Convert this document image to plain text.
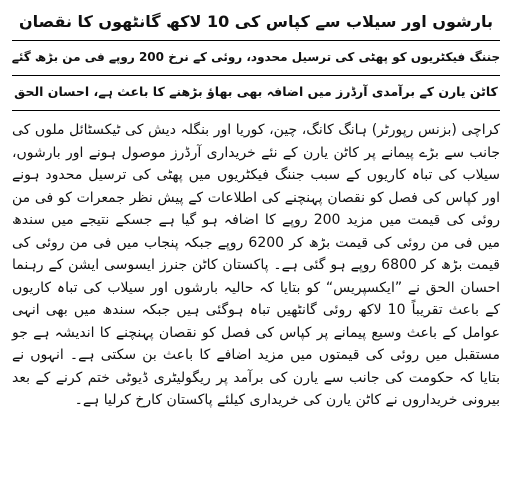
بارشوں اور سیلاب سے کپاس کی 10 لاکھ گانٹھوں کا نقصان
جننگ فیکٹریوں کو پھٹی کی ترسیل محدود، روئی کے نرخ 200 روپے فی من بڑھ گئے
کاٹن یارن کے برآمدی آرڈرز میں اضافہ بھی بھاؤ بڑھنے کا باعث ہے، احسان الحق

کراچی (بزنس رپورٹر) ہانگ کانگ، چین، کوریا اور بنگلہ دیش کی ٹیکسٹائل ملوں کی جانب سے بڑے پیمانے پر کاٹن یارن کے نئے خریداری آرڈرز موصول ہونے اور بارشوں، سیلاب کی تباہ کاریوں کے سبب جننگ فیکٹریوں میں پھٹی کی ترسیل محدود ہونے اور کپاس کی فصل کو نقصان پہنچنے کی اطلاعات کے پیش نظر جمعرات کو فی من روئی کی قیمت میں مزید 200 روپے کا اضافہ ہو گیا ہے جسکے نتیجے میں سندھ میں فی من روئی کی قیمت بڑھ کر 6200 روپے جبکہ پنجاب میں فی من روئی کی قیمت بڑھ کر 6800 روپے ہو گئی ہے۔ پاکستان کاٹن جنرز ایسوسی ایشن کے رہنما احسان الحق نے ”ایکسپریس“ کو بتایا کہ حالیہ بارشوں اور سیلاب کی تباہ کاریوں کے باعث تقریباً 10 لاکھ روئی گانٹھیں تباہ ہوگئی ہیں جبکہ سندھ میں بھی انہی عوامل کے باعث وسیع پیمانے پر کپاس کی فصل کو نقصان پہنچنے کا اندیشہ ہے جو مستقبل میں روئی کی قیمتوں میں مزید اضافے کا باعث بن سکتی ہے۔ انہوں نے بتایا کہ حکومت کی جانب سے یارن کی برآمد پر ریگولیٹری ڈیوٹی ختم کرنے کے بعد بیرونی خریداروں نے کاٹن یارن کی خریداری کیلئے پاکستان کارخ کرلیا ہے۔
